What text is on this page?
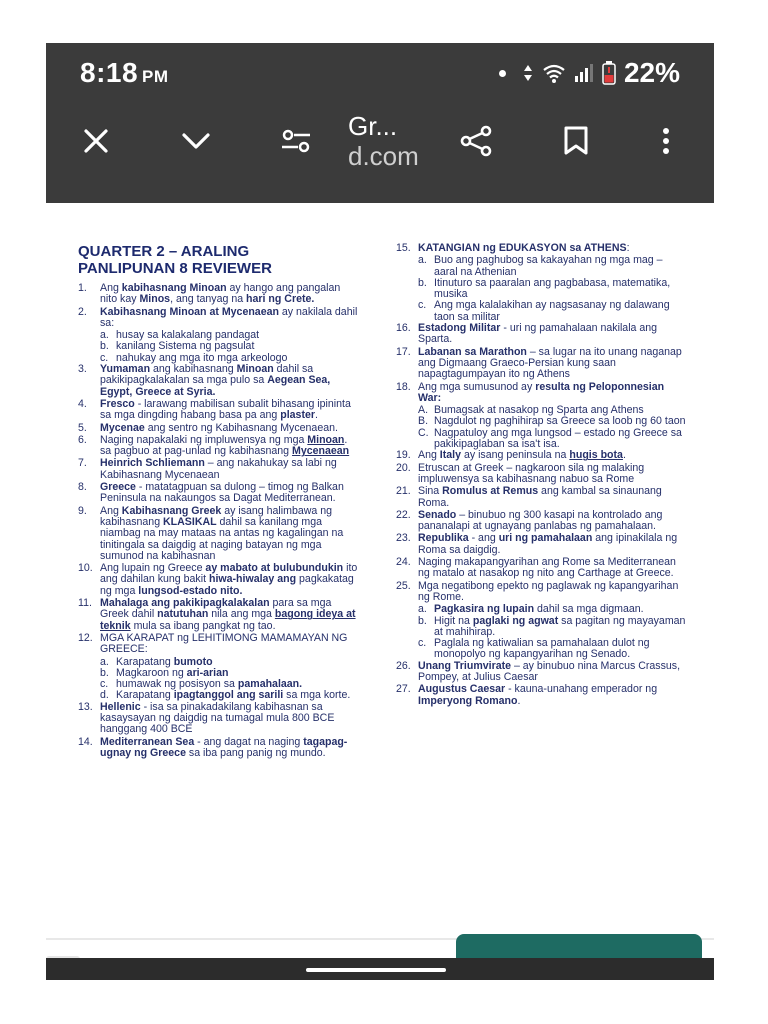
8:18 PM	22%
Gr...
d.com
QUARTER 2 – ARALING
PANLIPUNAN 8 REVIEWER
1.	Ang kabihasnang Minoan ay hango ang pangalan nito kay Minos, ang tanyag na hari ng Crete.
2.	Kabihasnang Minoan at Mycenaean ay nakilala dahil sa:
a. husay sa kalakalang pandagat
b. kanilang Sistema ng pagsulat
c. nahukay ang mga ito mga arkeologo
3.	Yumaman ang kabihasnang Minoan dahil sa pakikipagkalakalan sa mga pulo sa Aegean Sea, Egypt, Greece at Syria.
4.	Fresco - larawang mabilisan subalit bihasang ipininta sa mga dingding habang basa pa ang plaster.
5.	Mycenae ang sentro ng Kabihasnang Mycenaean.
6.	Naging napakalaki ng impluwensya ng mga Minoan. sa pagbuo at pag-unlad ng kabihasnang Mycenaean
7.	Heinrich Schliemann – ang nakahukay sa labi ng Kabihasnang Mycenaean
8.	Greece - matatagpuan sa dulong – timog ng Balkan Peninsula na nakaungos sa Dagat Mediterranean.
9.	Ang Kabihasnang Greek ay isang halimbawa ng kabihasnang KLASIKAL dahil sa kanilang mga niambag na may mataas na antas ng kagalingan na tinitingala sa daigdig at naging batayan ng mga sumunod na kabihasnan
10. Ang lupain ng Greece ay mabato at bulubundukin ito ang dahilan kung bakit hiwa-hiwalay ang pagkakatag ng mga lungsod-estado nito.
11. Mahalaga ang pakikipagkalakalan para sa mga Greek dahil natutuhan nila ang mga bagong ideya at teknik mula sa ibang pangkat ng tao.
12. MGA KARAPAT ng LEHITIMONG MAMAMAYAN NG GREECE:
a. Karapatang bumoto
b. Magkaroon ng ari-arian
c. humawak ng posisyon sa pamahalaan.
d. Karapatang ipagtanggol ang sarili sa mga korte.
13. Hellenic - isa sa pinakadakilang kabihasnan sa kasaysayan ng daigdig na tumagal mula 800 BCE hanggang 400 BCE
14. Mediterranean Sea - ang dagat na naging tagapag-ugnay ng Greece sa iba pang panig ng mundo.
15. KATANGIAN ng EDUKASYON sa ATHENS:
a. Buo ang paghubog sa kakayahan ng mga mag – aaral na Athenian
b. Itinuturo sa paaralan ang pagbabasa, matematika, musika
c. Ang mga kalalakihan ay nagsasanay ng dalawang taon sa militar
16. Estadong Militar - uri ng pamahalaan nakilala ang Sparta.
17. Labanan sa Marathon – sa lugar na ito unang naganap ang Digmaang Graeco-Persian kung saan napagtagumpayan ito ng Athens
18. Ang mga sumusunod ay resulta ng Peloponnesian War:
A. Bumagsak at nasakop ng Sparta ang Athens
B. Nagdulot ng paghihirap sa Greece sa loob ng 60 taon
C. Nagpatuloy ang mga lungsod – estado ng Greece sa pakikipaglaban sa isa't isa.
19. Ang Italy ay isang peninsula na hugis bota.
20. Etruscan at Greek – nagkaroon sila ng malaking impluwensya sa kabihasnang nabuo sa Rome
21. Sina Romulus at Remus ang kambal sa sinaunang Roma.
22. Senado – binubuo ng 300 kasapi na kontrolado ang pananalapi at ugnayang panlabas ng pamahalaan.
23. Republika - ang uri ng pamahalaan ang ipinakilala ng Roma sa daigdig.
24. Naging makapangyarihan ang Rome sa Mediterranean ng matalo at nasakop ng nito ang Carthage at Greece.
25. Mga negatibong epekto ng paglawak ng kapangyarihan ng Rome.
a. Pagkasira ng lupain dahil sa mga digmaan.
b. Higit na paglaki ng agwat sa pagitan ng mayayaman at mahihirap.
c. Paglala ng katiwalian sa pamahalaan dulot ng monopolyo ng kapangyarihan ng Senado.
26. Unang Triumvirate – ay binubuo nina Marcus Crassus, Pompey, at Julius Caesar
27. Augustus Caesar - kauna-unahang emperador ng Imperyong Romano.
